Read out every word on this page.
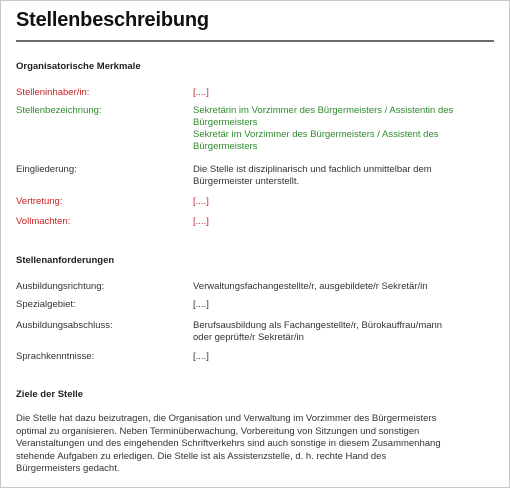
Stellenbeschreibung
Organisatorische Merkmale
Stelleninhaber/in:	[....]
Stellenbezeichnung:	Sekretärin im Vorzimmer des Bürgermeisters / Assistentin des
Bürgermeisters
Sekretär im Vorzimmer des Bürgermeisters / Assistent des
Bürgermeisters
Eingliederung:	Die Stelle ist disziplinarisch und fachlich unmittelbar dem
Bürgermeister unterstellt.
Vertretung:	[....]
Vollmachten:	[....]
Stellenanforderungen
Ausbildungsrichtung:	Verwaltungsfachangestellte/r, ausgebildete/r Sekretär/in
Spezialgebiet:	[....]
Ausbildungsabschluss:	Berufsausbildung als Fachangestellte/r, Bürokauffrau/mann
oder geprüfte/r Sekretär/in
Sprachkenntnisse:	[....]
Ziele der Stelle
Die Stelle hat dazu beizutragen, die Organisation und Verwaltung im Vorzimmer des Bürgermeisters
optimal zu organisieren. Neben Terminüberwachung, Vorbereitung von Sitzungen und sonstigen
Veranstaltungen und des eingehenden Schriftverkehrs sind auch sonstige in diesem Zusammenhang
stehende Aufgaben zu erledigen. Die Stelle ist als Assistenzstelle, d. h. rechte Hand des
Bürgermeisters gedacht.
